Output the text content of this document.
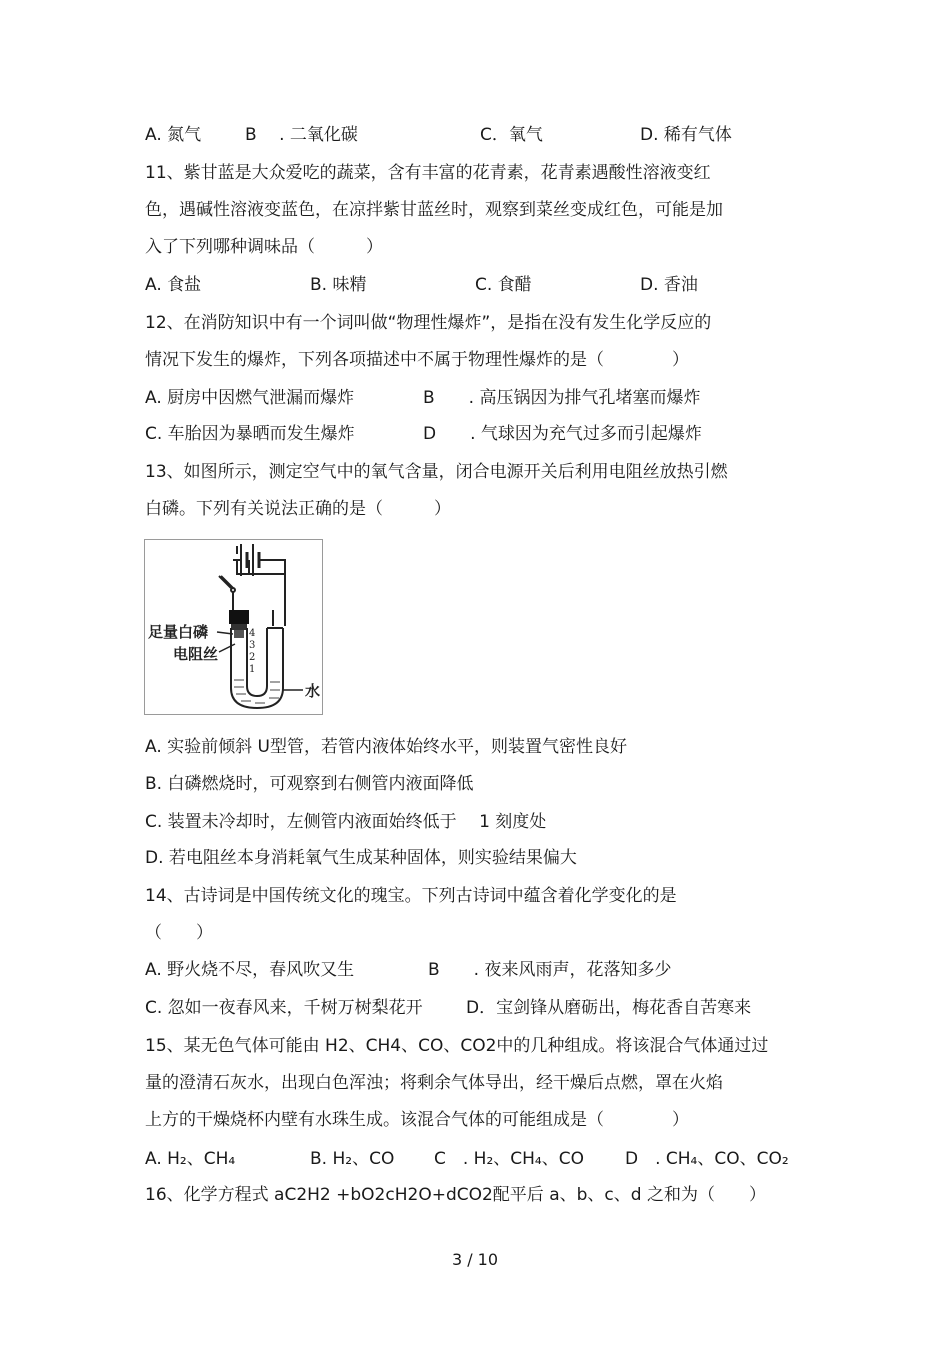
A. 氮气	B　 . 二氧化碳	C．氧气	D. 稀有气体
11、紫甘蓝是大众爱吃的蔬菜，含有丰富的花青素，花青素遇酸性溶液变红
色，遇碱性溶液变蓝色，在凉拌紫甘蓝丝时，观察到菜丝变成红色，可能是加
入了下列哪种调味品（　　　）
A. 食盐	B. 味精	C. 食醋	D. 香油
12、在消防知识中有一个词叫做“物理性爆炸”，是指在没有发生化学反应的
情况下发生的爆炸，下列各项描述中不属于物理性爆炸的是（　　　　）
A. 厨房中因燃气泄漏而爆炸	B　　. 高压锅因为排气孔堵塞而爆炸
C. 车胎因为暴晒而发生爆炸	D　　. 气球因为充气过多而引起爆炸
13、如图所示，测定空气中的氧气含量，闭合电源开关后利用电阻丝放热引燃
白磷。下列有关说法正确的是（　　　）
4
3
2
1
足量白磷
电阻丝
水
A. 实验前倾斜 U型管，若管内液体始终水平，则装置气密性良好
B. 白磷燃烧时，可观察到右侧管内液面降低
C. 装置未冷却时，左侧管内液面始终低于　 1 刻度处
D. 若电阻丝本身消耗氧气生成某种固体，则实验结果偏大
14、古诗词是中国传统文化的瑰宝。下列古诗词中蕴含着化学变化的是
（　　）
A. 野火烧不尽，春风吹又生	B　　. 夜来风雨声，花落知多少
C. 忽如一夜春风来，千树万树梨花开	D．宝剑锋从磨砺出，梅花香自苦寒来
15、某无色气体可能由 H2、CH4、CO、CO2中的几种组成。将该混合气体通过过
量的澄清石灰水，出现白色浑浊；将剩余气体导出，经干燥后点燃，罩在火焰
上方的干燥烧杯内壁有水珠生成。该混合气体的可能组成是（　　　　）
A. H₂、CH₄	B. H₂、CO C　. H₂、CH₄、CO D　. CH₄、CO、CO₂
16、化学方程式 aC2H2 +bO2cH2O+dCO2配平后 a、b、c、d 之和为（　　）
3 / 10
